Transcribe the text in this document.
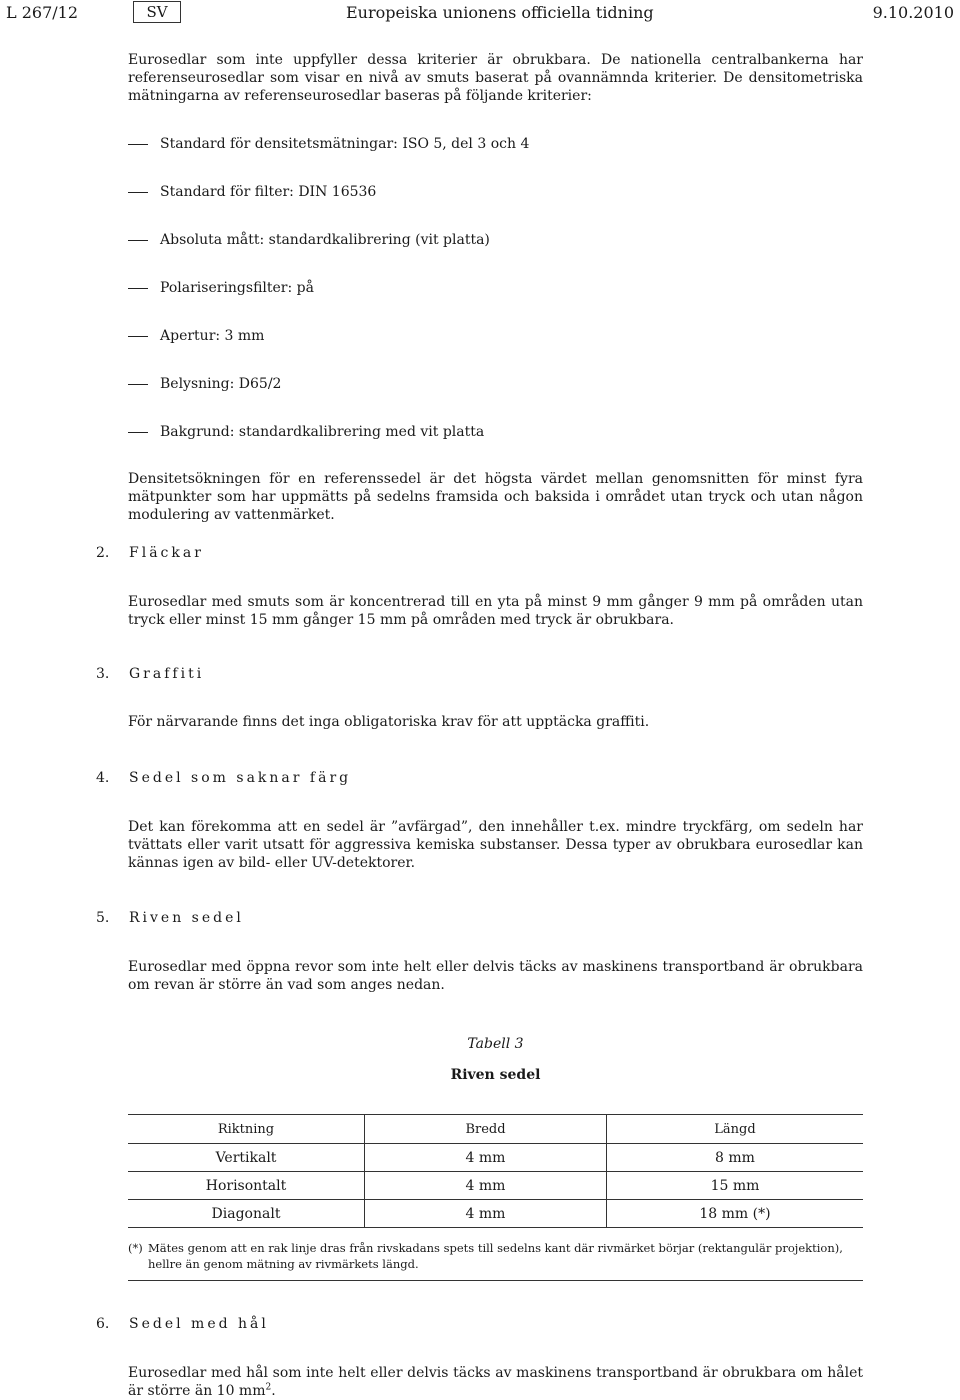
L 267/12	SV	Europeiska unionens officiella tidning	9.10.2010

Eurosedlar som inte uppfyller dessa kriterier är obrukbara. De nationella centralbankerna har referenseurosedlar som visar en nivå av smuts baserat på ovannämnda kriterier. De densitometriska mätningarna av referenseurosedlar baseras på följande kriterier:

Standard för densitetsmätningar: ISO 5, del 3 och 4
Standard för filter: DIN 16536
Absoluta mått: standardkalibrering (vit platta)
Polariseringsfilter: på
Apertur: 3 mm
Belysning: D65/2
Bakgrund: standardkalibrering med vit platta

Densitetsökningen för en referenssedel är det högsta värdet mellan genomsnitten för minst fyra mätpunkter som har uppmätts på sedelns framsida och baksida i området utan tryck och utan någon modulering av vattenmärket.

2. Fläckar

Eurosedlar med smuts som är koncentrerad till en yta på minst 9 mm gånger 9 mm på områden utan tryck eller minst 15 mm gånger 15 mm på områden med tryck är obrukbara.

3. Graffiti

För närvarande finns det inga obligatoriska krav för att upptäcka graffiti.

4. Sedel som saknar färg

Det kan förekomma att en sedel är ”avfärgad”, den innehåller t.ex. mindre tryckfärg, om sedeln har tvättats eller varit utsatt för aggressiva kemiska substanser. Dessa typer av obrukbara eurosedlar kan kännas igen av bild- eller UV-detektorer.

5. Riven sedel

Eurosedlar med öppna revor som inte helt eller delvis täcks av maskinens transportband är obrukbara om revan är större än vad som anges nedan.

Tabell 3
Riven sedel
Riktning	Bredd	Längd
Vertikalt	4 mm	8 mm
Horisontalt	4 mm	15 mm
Diagonalt	4 mm	18 mm (*)
(*) Mätes genom att en rak linje dras från rivskadans spets till sedelns kant där rivmärket börjar (rektangulär projektion), hellre än genom mätning av rivmärkets längd.
6. Sedel med hål

Eurosedlar med hål som inte helt eller delvis täcks av maskinens transportband är obrukbara om hålet är större än 10 $mm^2$.
